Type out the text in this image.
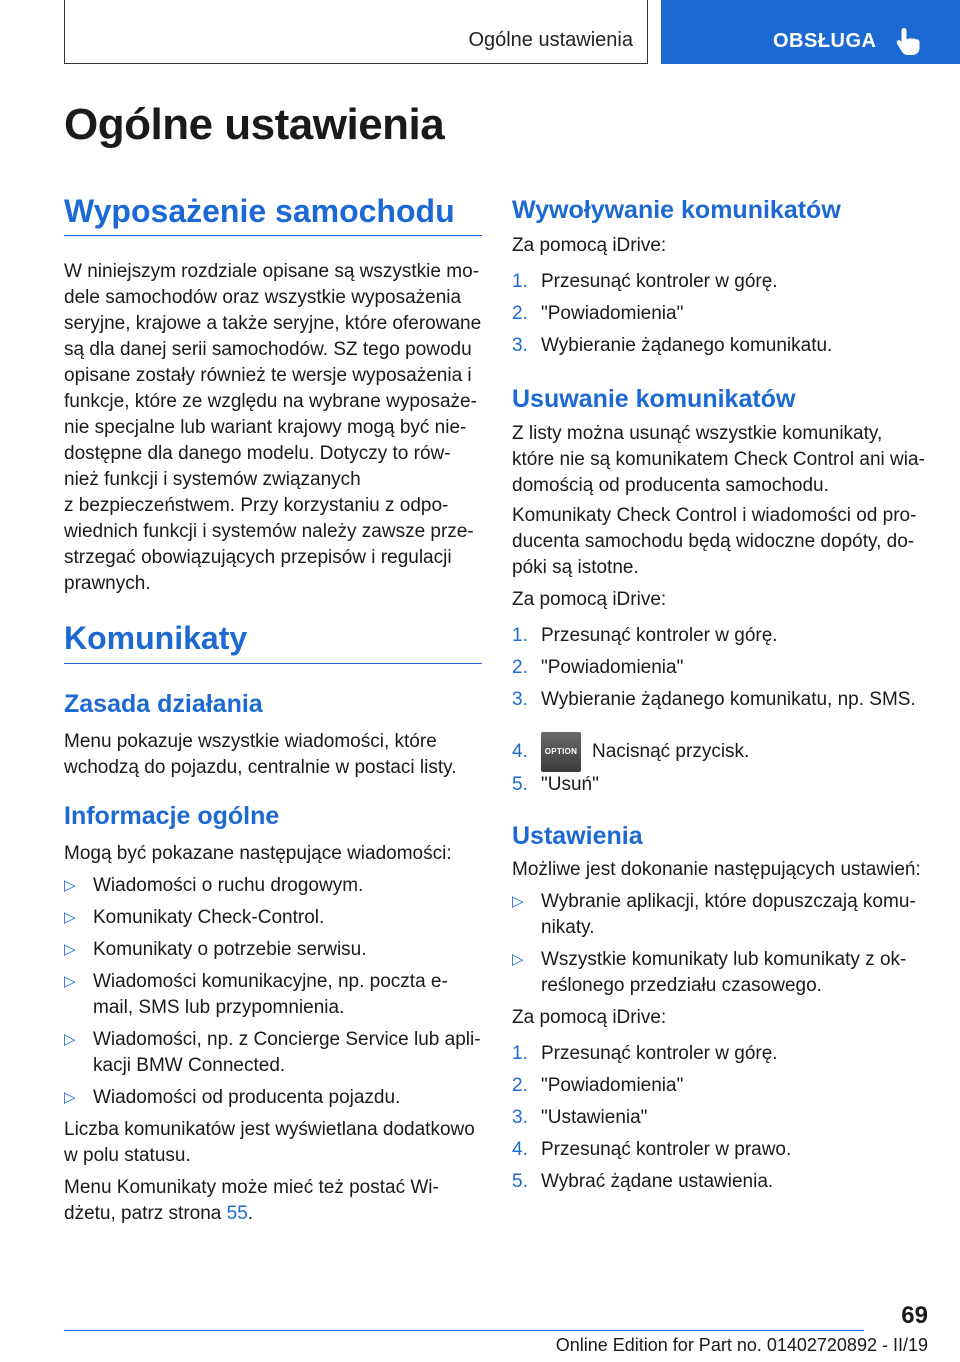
Ogólne ustawienia	OBSŁUGA
Ogólne ustawienia
Wyposażenie samochodu

W niniejszym rozdziale opisane są wszystkie mo‐

dele samochodów oraz wszystkie wyposażenia

seryjne, krajowe a także seryjne, które oferowane

są dla danej serii samochodów. SZ tego powodu

opisane zostały również te wersje wyposażenia i

funkcje, które ze względu na wybrane wyposaże‐

nie specjalne lub wariant krajowy mogą być nie‐

dostępne dla danego modelu. Dotyczy to rów‐

nież funkcji i systemów związanych

z bezpieczeństwem. Przy korzystaniu z odpo‐

wiednich funkcji i systemów należy zawsze prze‐

strzegać obowiązujących przepisów i regulacji

prawnych.

Komunikaty
Zasada działania

Menu pokazuje wszystkie wiadomości, które

wchodzą do pojazdu, centralnie w postaci listy.

Informacje ogólne

Mogą być pokazane następujące wiadomości:

▷ Wiadomości o ruchu drogowym.
▷ Komunikaty Check-Control.
▷ Komunikaty o potrzebie serwisu.
▷ Wiadomości komunikacyjne, np. poczta e-
mail, SMS lub przypomnienia.
▷ Wiadomości, np. z Concierge Service lub apli‐
kacji BMW Connected.
▷ Wiadomości od producenta pojazdu.

Liczba komunikatów jest wyświetlana dodatkowo

w polu statusu.

Menu Komunikaty może mieć też postać Wi‐

dżetu, patrz strona 55.

Wywoływanie komunikatów

Za pomocą iDrive:

1. Przesunąć kontroler w górę.
2. "Powiadomienia"
3. Wybieranie żądanego komunikatu.
Usuwanie komunikatów

Z listy można usunąć wszystkie komunikaty,

które nie są komunikatem Check Control ani wia‐

domością od producenta samochodu.

Komunikaty Check Control i wiadomości od pro‐

ducenta samochodu będą widoczne dopóty, do‐

póki są istotne.

Za pomocą iDrive:

1. Przesunąć kontroler w górę.
2. "Powiadomienia"
3. Wybieranie żądanego komunikatu, np. SMS.
4.	OPTION Nacisnąć przycisk.
5. "Usuń"
Ustawienia

Możliwe jest dokonanie następujących ustawień:

▷ Wybranie aplikacji, które dopuszczają komu‐
nikaty.
▷ Wszystkie komunikaty lub komunikaty z ok‐
reślonego przedziału czasowego.

Za pomocą iDrive:

1. Przesunąć kontroler w górę.
2. "Powiadomienia"
3. "Ustawienia"
4. Przesunąć kontroler w prawo.
5. Wybrać żądane ustawienia.
69
Online Edition for Part no. 01402720892 - II/19
